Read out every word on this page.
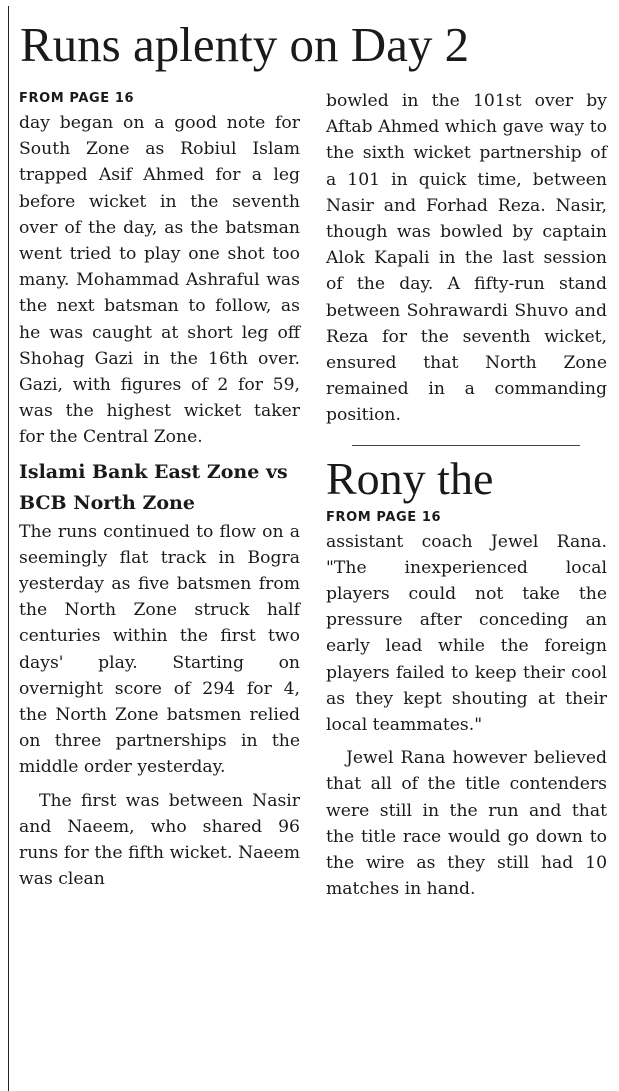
Runs aplenty on Day 2
FROM PAGE 16

day began on a good note for South Zone as Robiul Islam trapped Asif Ahmed for a leg before wicket in the seventh over of the day, as the batsman went tried to play one shot too many. Mohammad Ashraful was the next batsman to follow, as he was caught at short leg off Shohag Gazi in the 16th over. Gazi, with figures of 2 for 59, was the highest wicket taker for the Central Zone.

Islami Bank East Zone vs BCB North Zone

The runs continued to flow on a seemingly flat track in Bogra yesterday as five batsmen from the North Zone struck half centuries within the first two days' play. Starting on overnight score of 294 for 4, the North Zone batsmen relied on three partnerships in the middle order yesterday.

The first was between Nasir and Naeem, who shared 96 runs for the fifth wicket. Naeem was clean

bowled in the 101st over by Aftab Ahmed which gave way to the sixth wicket partnership of a 101 in quick time, between Nasir and Forhad Reza. Nasir, though was bowled by captain Alok Kapali in the last session of the day. A fifty-run stand between Sohrawardi Shuvo and Reza for the seventh wicket, ensured that North Zone remained in a commanding position.

Rony the
FROM PAGE 16

assistant coach Jewel Rana. "The inexperienced local players could not take the pressure after conceding an early lead while the foreign players failed to keep their cool as they kept shouting at their local teammates."

Jewel Rana however believed that all of the title contenders were still in the run and that the title race would go down to the wire as they still had 10 matches in hand.
